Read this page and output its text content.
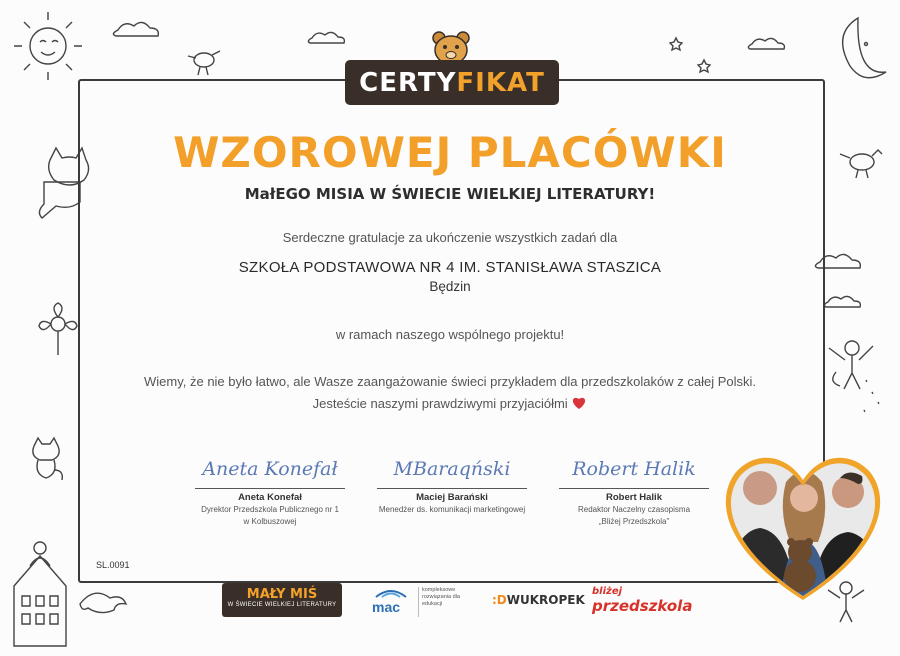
CERTYFIKAT
WZOROWEJ PLACÓWKI
MałEGO MISIA W ŚWIECIE WIELKIEJ LITERATURY!
Serdeczne gratulacje za ukończenie wszystkich zadań dla
SZKOŁA PODSTAWOWA NR 4 IM. STANISŁAWA STASZICA
Będzin
w ramach naszego wspólnego projektu!
Wiemy, że nie było łatwo, ale Wasze zaangażowanie świeci przykładem dla przedszkolaków z całej Polski.
Jesteście naszymi prawdziwymi przyjaciółmi
Aneta Konefał
Aneta Konefał
Dyrektor Przedszkola Publicznego nr 1
w Kolbuszowej
MBaraqński
Maciej Barański
Menedżer ds. komunikacji marketingowej
Robert Halik
Robert Halik
Redaktor Naczelny czasopisma
„Bliżej Przedszkola”
SL.0091
MAŁY MIŚ
W ŚWIECIE WIELKIEJ LITERATURY	mac
kompleksowe rozwiązania dla edukacji	:DWUKROPEK
bliżej
przedszkola
